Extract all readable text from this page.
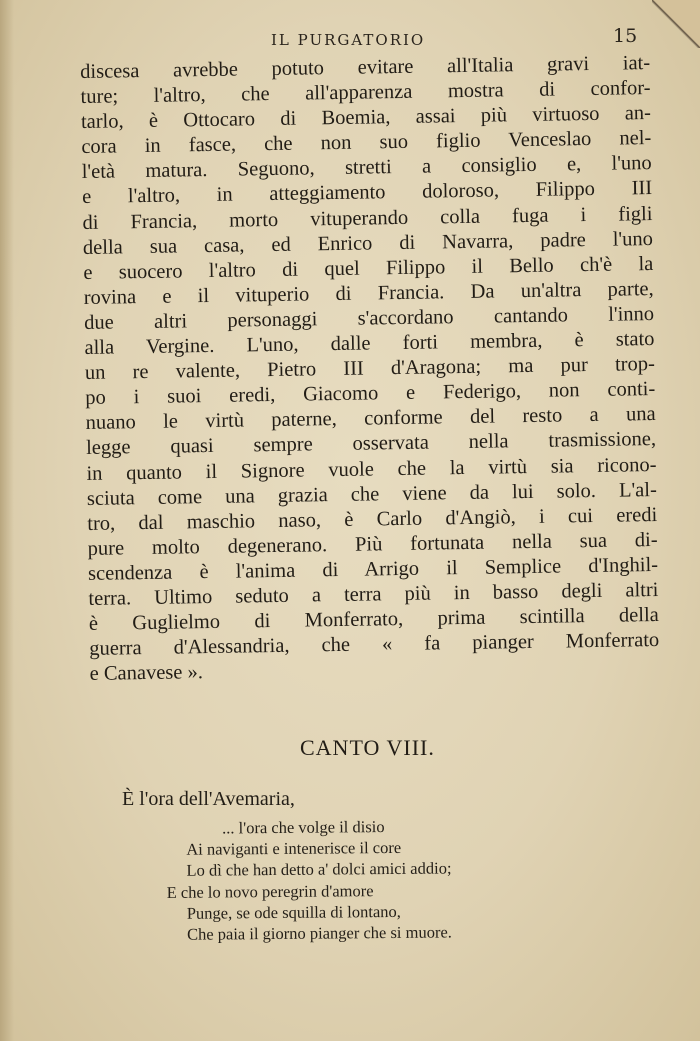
IL PURGATORIO	15
discesa avrebbe potuto evitare all'Italia gravi iat-
ture; l'altro, che all'apparenza mostra di confor-
tarlo, è Ottocaro di Boemia, assai più virtuoso an-
cora in fasce, che non suo figlio Venceslao nel-
l'età matura. Seguono, stretti a consiglio e, l'uno
e l'altro, in atteggiamento doloroso, Filippo III
di Francia, morto vituperando colla fuga i figli
della sua casa, ed Enrico di Navarra, padre l'uno
e suocero l'altro di quel Filippo il Bello ch'è la
rovina e il vituperio di Francia. Da un'altra parte,
due altri personaggi s'accordano cantando l'inno
alla Vergine. L'uno, dalle forti membra, è stato
un re valente, Pietro III d'Aragona; ma pur trop-
po i suoi eredi, Giacomo e Federigo, non conti-
nuano le virtù paterne, conforme del resto a una
legge quasi sempre osservata nella trasmissione,
in quanto il Signore vuole che la virtù sia ricono-
sciuta come una grazia che viene da lui solo. L'al-
tro, dal maschio naso, è Carlo d'Angiò, i cui eredi
pure molto degenerano. Più fortunata nella sua di-
scendenza è l'anima di Arrigo il Semplice d'Inghil-
terra. Ultimo seduto a terra più in basso degli altri
è Guglielmo di Monferrato, prima scintilla della
guerra d'Alessandria, che « fa pianger Monferrato
e Canavese ».
CANTO VIII.
È l'ora dell'Avemaria,
... l'ora che volge il disio
Ai naviganti e intenerisce il core
Lo dì che han detto a' dolci amici addio;
E che lo novo peregrin d'amore
Punge, se ode squilla di lontano,
Che paia il giorno pianger che si muore.
